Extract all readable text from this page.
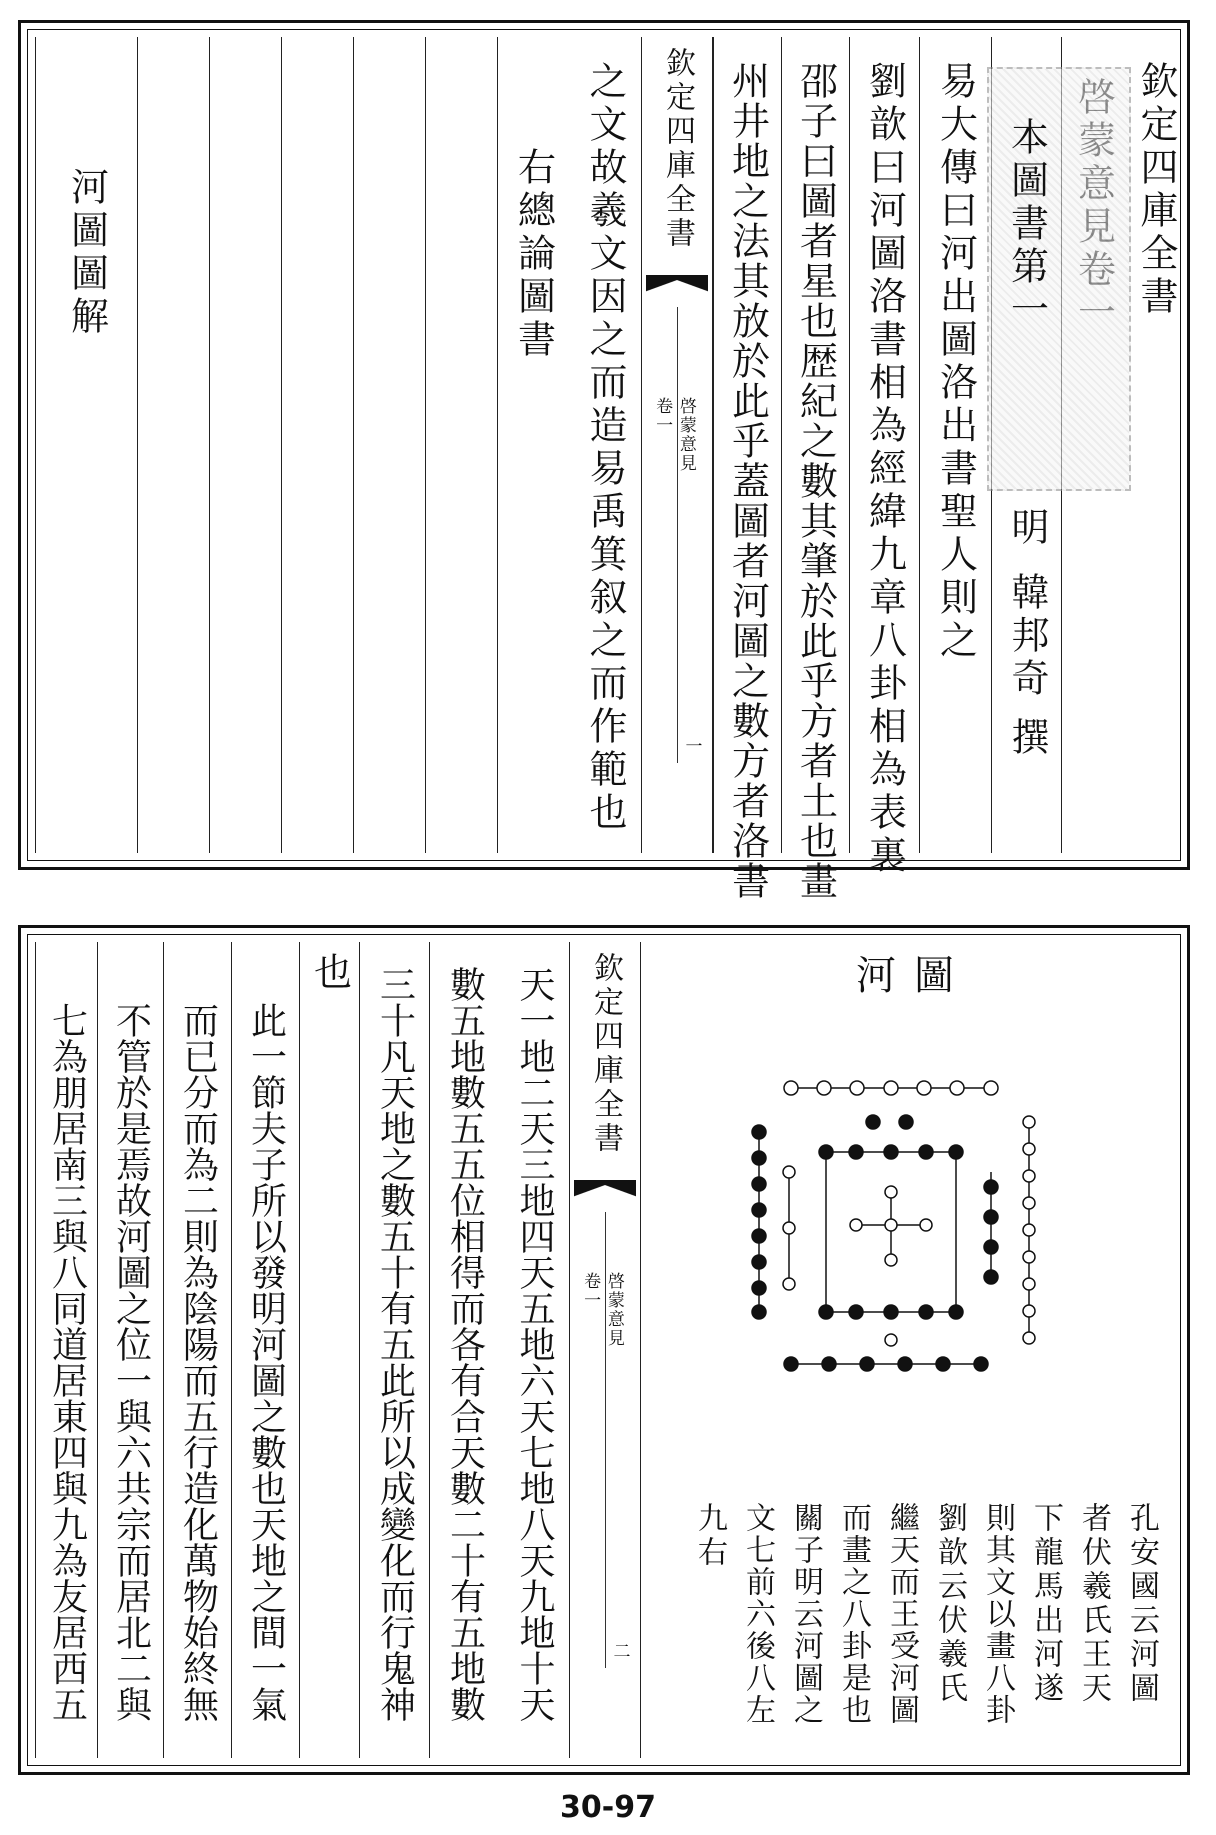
欽定四庫全書
本圖書第一
明
韓邦奇
撰
易大傳曰河出圖洛出書聖人則之
劉歆曰河圖洛書相為經緯九章八卦相為表裏
邵子曰圖者星也歴紀之數其肇於此乎方者土也畫
州井地之法其放於此乎蓋圖者河圖之數方者洛書
欽定四庫全書
啓蒙意見
卷一
一
之文故羲文因之而造易禹箕叙之而作範也
右總論圖書
河圖圖解
河圖
孔安國云河圖
者伏羲氏王天
下龍馬出河遂
則其文以畫八卦
劉歆云伏羲氏
繼天而王受河圖
而畫之八卦是也
關子明云河圖之
文七前六後八左
九右
欽定四庫全書
啓蒙意見
卷一
二
天一地二天三地四天五地六天七地八天九地十天
數五地數五五位相得而各有合天數二十有五地數
三十凡天地之數五十有五此所以成變化而行鬼神
也
此一節夫子所以發明河圖之數也天地之間一氣
而已分而為二則為陰陽而五行造化萬物始終無
不管於是焉故河圖之位一與六共宗而居北二與
七為朋居南三與八同道居東四與九為友居西五
30-97
